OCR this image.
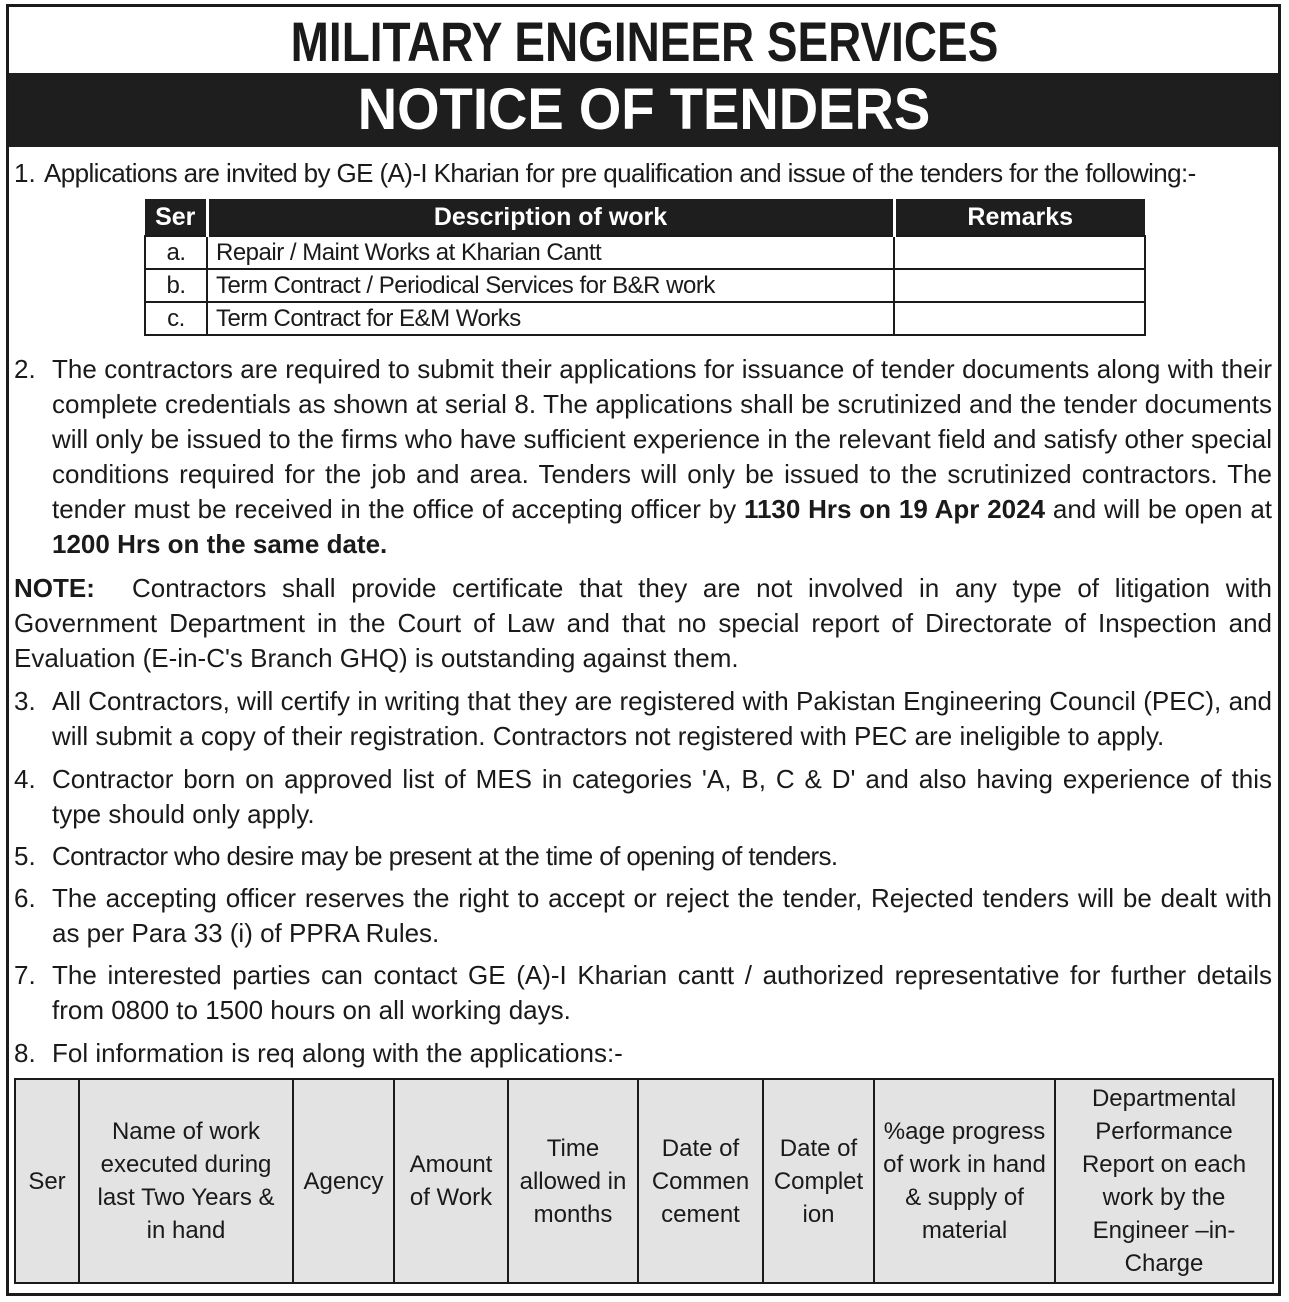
MILITARY ENGINEER SERVICES
NOTICE OF TENDERS
1. Applications are invited by GE (A)-I Kharian for pre qualification and issue of the tenders for the following:-
Ser	Description of work	Remarks
a.	Repair / Maint Works at Kharian Cantt	
b.	Term Contract / Periodical Services for B&R work	
c.	Term Contract for E&M Works	
2. The contractors are required to submit their applications for issuance of tender documents along with their complete credentials as shown at serial 8. The applications shall be scrutinized and the tender documents will only be issued to the firms who have sufficient experience in the relevant field and satisfy other special conditions required for the job and area. Tenders will only be issued to the scrutinized contractors. The tender must be received in the office of accepting officer by 1130 Hrs on 19 Apr 2024 and will be open at 1200 Hrs on the same date.
NOTE: Contractors shall provide certificate that they are not involved in any type of litigation with Government Department in the Court of Law and that no special report of Directorate of Inspection and Evaluation (E-in-C's Branch GHQ) is outstanding against them.
3. All Contractors, will certify in writing that they are registered with Pakistan Engineering Council (PEC), and will submit a copy of their registration. Contractors not registered with PEC are ineligible to apply.
4. Contractor born on approved list of MES in categories 'A, B, C & D' and also having experience of this type should only apply.
5. Contractor who desire may be present at the time of opening of tenders.
6. The accepting officer reserves the right to accept or reject the tender, Rejected tenders will be dealt with as per Para 33 (i) of PPRA Rules.
7. The interested parties can contact GE (A)-I Kharian cantt / authorized representative for further details from 0800 to 1500 hours on all working days.
8. Fol information is req along with the applications:-
Ser	Name of work executed during last Two Years & in hand	Agency	Amount of Work	Time allowed in months	Date of Commen cement	Date of Complet ion	%age progress of work in hand & supply of material	Departmental Performance Report on each work by the Engineer –in-Charge
